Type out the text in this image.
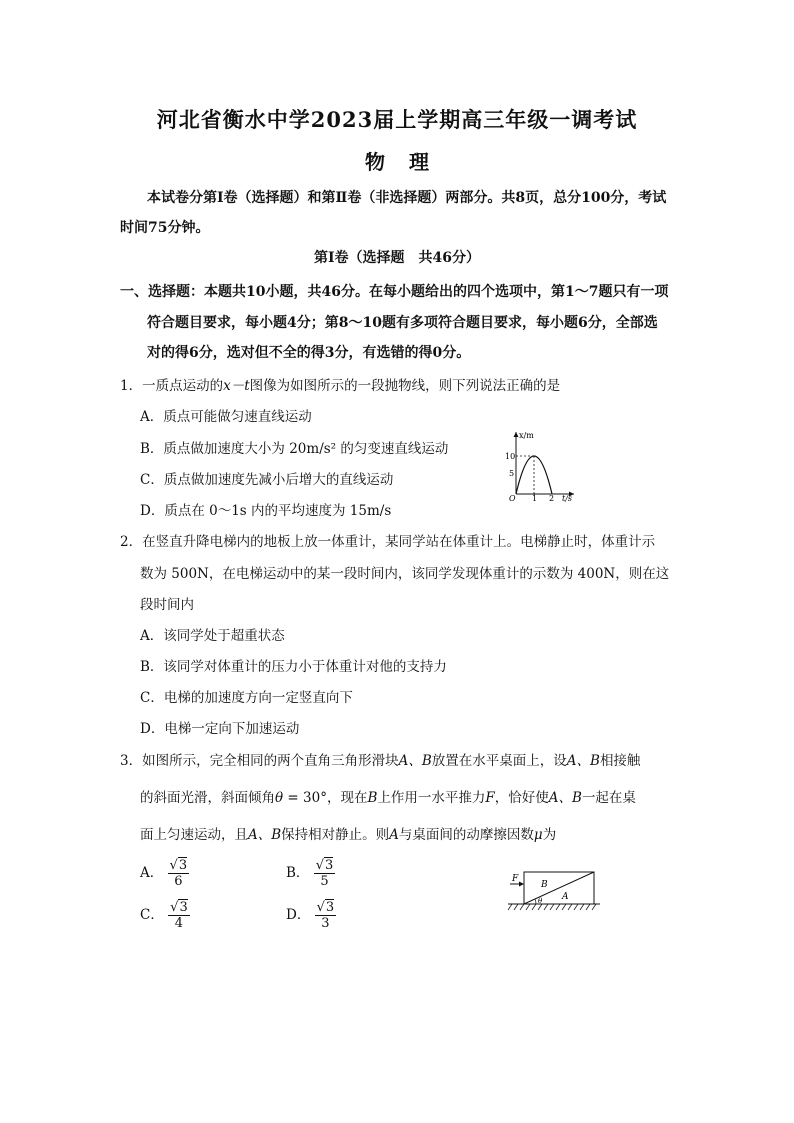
河北省衡水中学2023届上学期高三年级一调考试
物 理
本试卷分第Ⅰ卷（选择题）和第Ⅱ卷（非选择题）两部分。共8页，总分100分，考试
时间75分钟。
第Ⅰ卷（选择题　共46分）
一、选择题：本题共10小题，共46分。在每小题给出的四个选项中，第1～7题只有一项
符合题目要求，每小题4分；第8～10题有多项符合题目要求，每小题6分，全部选
对的得6分，选对但不全的得3分，有选错的得0分。
1．一质点运动的x－t图像为如图所示的一段抛物线，则下列说法正确的是
A．质点可能做匀速直线运动
B．质点做加速度大小为 20m/s² 的匀变速直线运动
C．质点做加速度先减小后增大的直线运动
D．质点在 0～1s 内的平均速度为 15m/s
x/m
10
5
O 1 2 t/s
2．在竖直升降电梯内的地板上放一体重计，某同学站在体重计上。电梯静止时，体重计示
数为 500N，在电梯运动中的某一段时间内，该同学发现体重计的示数为 400N，则在这
段时间内
A．该同学处于超重状态
B．该同学对体重计的压力小于体重计对他的支持力
C．电梯的加速度方向一定竖直向下
D．电梯一定向下加速运动
3．如图所示，完全相同的两个直角三角形滑块A、B放置在水平桌面上，设A、B相接触
的斜面光滑，斜面倾角θ = 30°，现在B上作用一水平推力F，恰好使A、B一起在桌
面上匀速运动，且A、B保持相对静止。则A与桌面间的动摩擦因数μ为
A． $\frac{√3}{6}$	B． $\frac{√3}{5}$
C． $\frac{√3}{4}$	D． $\frac{√3}{3}$
F
B
A
θ
